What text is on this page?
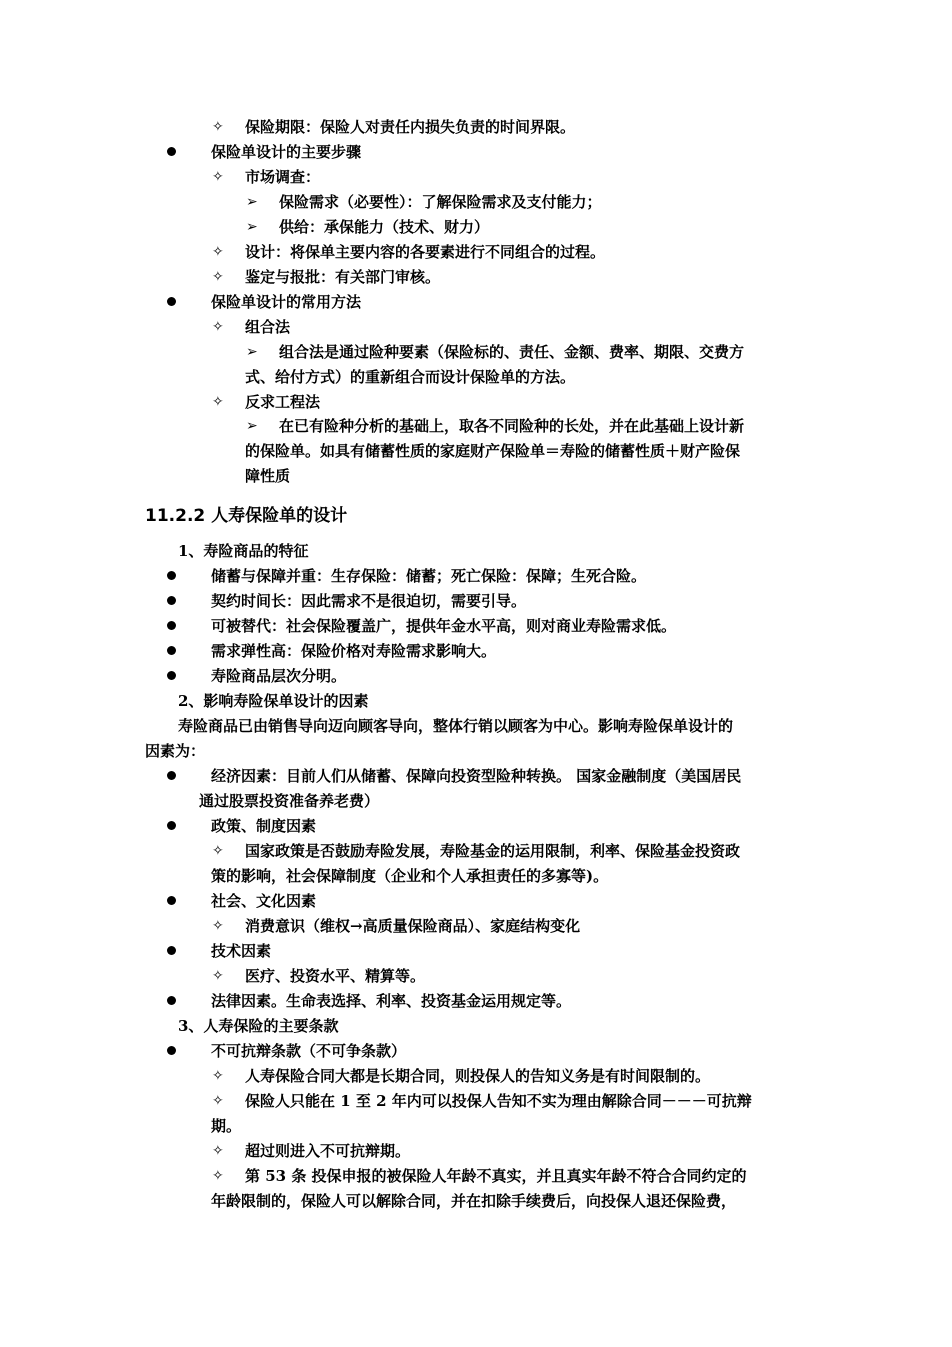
✧ 保险期限：保险人对责任内损失负责的时间界限。
保险单设计的主要步骤
✧ 市场调查：
➢ 保险需求（必要性）：了解保险需求及支付能力；
➢ 供给：承保能力（技术、财力）
✧ 设计：将保单主要内容的各要素进行不同组合的过程。
✧ 鉴定与报批：有关部门审核。
保险单设计的常用方法
✧ 组合法
➢ 组合法是通过险种要素（保险标的、责任、金额、费率、期限、交费方
式、给付方式）的重新组合而设计保险单的方法。
✧ 反求工程法
➢ 在已有险种分析的基础上，取各不同险种的长处，并在此基础上设计新
的保险单。如具有储蓄性质的家庭财产保险单＝寿险的储蓄性质＋财产险保
障性质
11.2.2 人寿保险单的设计
1、寿险商品的特征
储蓄与保障并重：生存保险：储蓄；死亡保险：保障；生死合险。
契约时间长：因此需求不是很迫切，需要引导。
可被替代：社会保险覆盖广，提供年金水平高，则对商业寿险需求低。
需求弹性高：保险价格对寿险需求影响大。
寿险商品层次分明。
2、影响寿险保单设计的因素
寿险商品已由销售导向迈向顾客导向，整体行销以顾客为中心。影响寿险保单设计的
因素为：
经济因素：目前人们从储蓄、保障向投资型险种转换。 国家金融制度（美国居民
通过股票投资准备养老费）
政策、制度因素
✧ 国家政策是否鼓励寿险发展，寿险基金的运用限制，利率、保险基金投资政
策的影响，社会保障制度（企业和个人承担责任的多寡等)。
社会、文化因素
✧ 消费意识（维权→高质量保险商品）、家庭结构变化
技术因素
✧ 医疗、投资水平、精算等。
法律因素。生命表选择、利率、投资基金运用规定等。
3、人寿保险的主要条款
不可抗辩条款（不可争条款）
✧ 人寿保险合同大都是长期合同，则投保人的告知义务是有时间限制的。
✧ 保险人只能在 1 至 2 年内可以投保人告知不实为理由解除合同－－－可抗辩
期。
✧ 超过则进入不可抗辩期。
✧ 第 53 条 投保申报的被保险人年龄不真实，并且真实年龄不符合合同约定的
年龄限制的，保险人可以解除合同，并在扣除手续费后，向投保人退还保险费，
